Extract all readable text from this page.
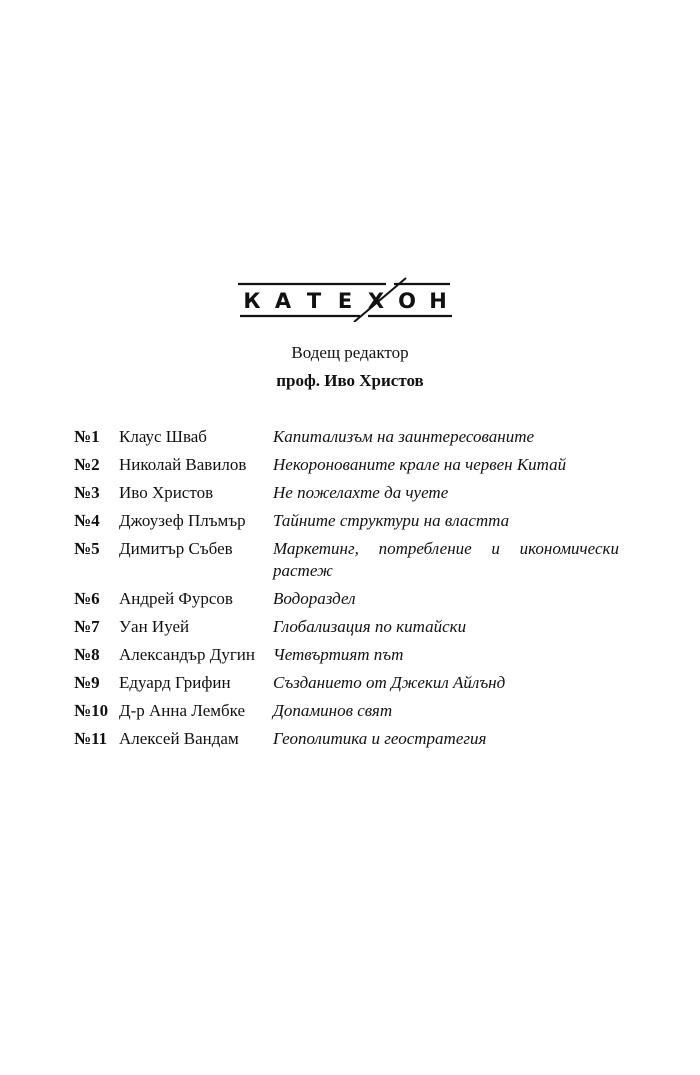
К А Т Е Х О Н
Водещ редактор
проф. Иво Христов
№1	Клаус Шваб	Капитализъм на заинтересованите
№2	Николай Вавилов	Некоронованите крале на червен Китай
№3	Иво Христов	Не пожелахте да чуете
№4	Джоузеф Плъмър	Тайните структури на властта
№5	Димитър Събев	Маркетинг, потребление и икономически растеж
№6	Андрей Фурсов	Водораздел
№7	Уан Иуей	Глобализация по китайски
№8	Александър Дугин	Четвъртият път
№9	Едуард Грифин	Създанието от Джекил Айлънд
№10 Д-р Анна Лембке	Допаминов свят
№11 Алексей Вандам	Геополитика и геостратегия
